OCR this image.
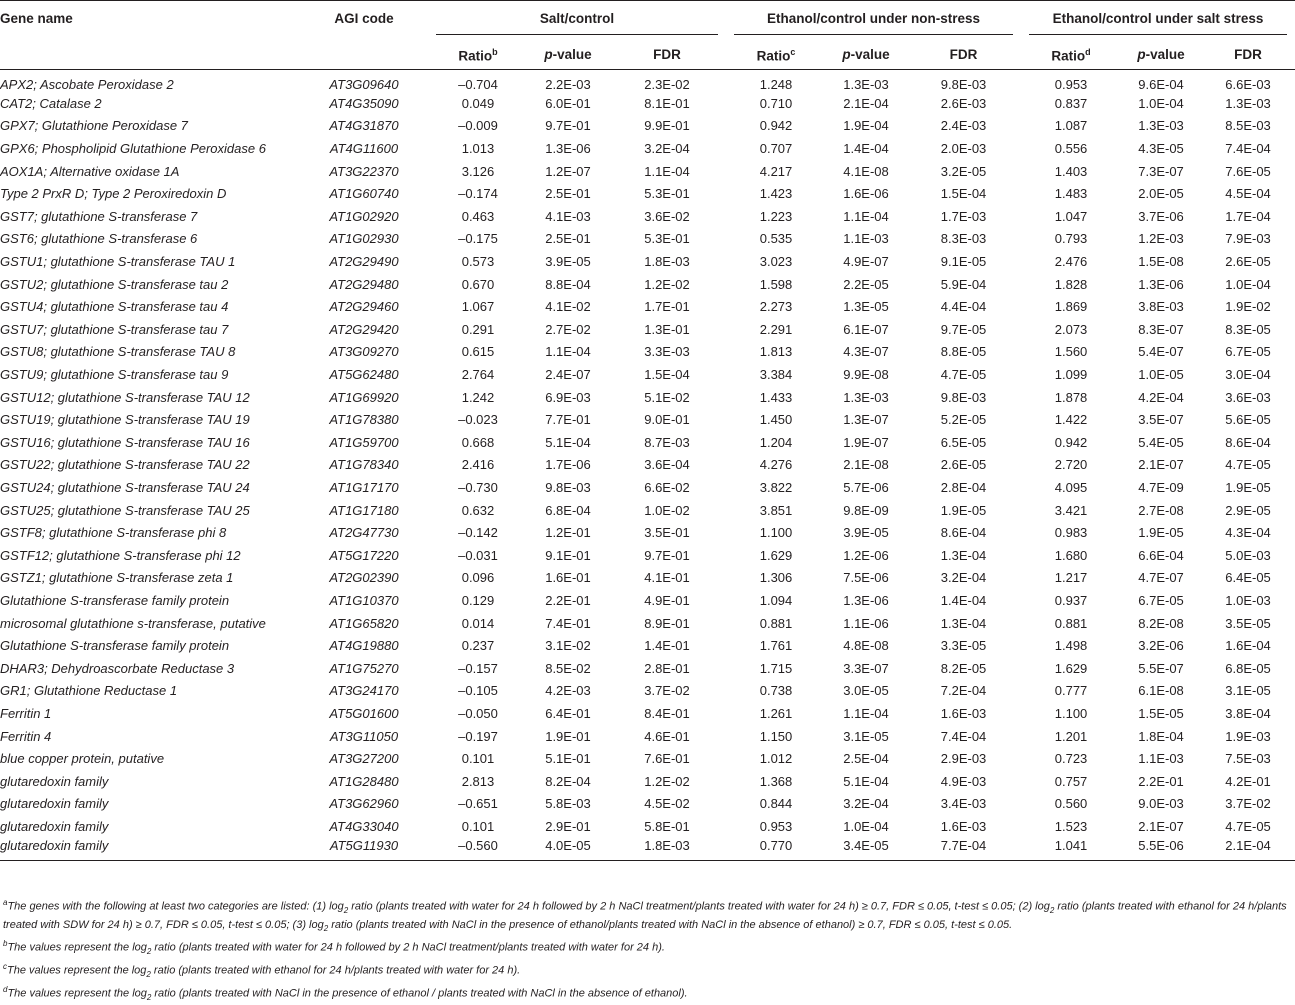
Gene name	AGI code	Salt/control			Ethanol/control under non-stress			Ethanol/control under salt stress		
		Ratio$^b$	p-value	FDR	Ratio$^c$	p-value	FDR	Ratio$^d$	p-value	FDR
APX2; Ascobate Peroxidase 2	AT3G09640	–0.704	2.2E-03	2.3E-02	1.248	1.3E-03	9.8E-03	0.953	9.6E-04	6.6E-03
CAT2; Catalase 2	AT4G35090	0.049	6.0E-01	8.1E-01	0.710	2.1E-04	2.6E-03	0.837	1.0E-04	1.3E-03
GPX7; Glutathione Peroxidase 7	AT4G31870	–0.009	9.7E-01	9.9E-01	0.942	1.9E-04	2.4E-03	1.087	1.3E-03	8.5E-03
GPX6; Phospholipid Glutathione Peroxidase 6	AT4G11600	1.013	1.3E-06	3.2E-04	0.707	1.4E-04	2.0E-03	0.556	4.3E-05	7.4E-04
AOX1A; Alternative oxidase 1A	AT3G22370	3.126	1.2E-07	1.1E-04	4.217	4.1E-08	3.2E-05	1.403	7.3E-07	7.6E-05
Type 2 PrxR D; Type 2 Peroxiredoxin D	AT1G60740	–0.174	2.5E-01	5.3E-01	1.423	1.6E-06	1.5E-04	1.483	2.0E-05	4.5E-04
GST7; glutathione S-transferase 7	AT1G02920	0.463	4.1E-03	3.6E-02	1.223	1.1E-04	1.7E-03	1.047	3.7E-06	1.7E-04
GST6; glutathione S-transferase 6	AT1G02930	–0.175	2.5E-01	5.3E-01	0.535	1.1E-03	8.3E-03	0.793	1.2E-03	7.9E-03
GSTU1; glutathione S-transferase TAU 1	AT2G29490	0.573	3.9E-05	1.8E-03	3.023	4.9E-07	9.1E-05	2.476	1.5E-08	2.6E-05
GSTU2; glutathione S-transferase tau 2	AT2G29480	0.670	8.8E-04	1.2E-02	1.598	2.2E-05	5.9E-04	1.828	1.3E-06	1.0E-04
GSTU4; glutathione S-transferase tau 4	AT2G29460	1.067	4.1E-02	1.7E-01	2.273	1.3E-05	4.4E-04	1.869	3.8E-03	1.9E-02
GSTU7; glutathione S-transferase tau 7	AT2G29420	0.291	2.7E-02	1.3E-01	2.291	6.1E-07	9.7E-05	2.073	8.3E-07	8.3E-05
GSTU8; glutathione S-transferase TAU 8	AT3G09270	0.615	1.1E-04	3.3E-03	1.813	4.3E-07	8.8E-05	1.560	5.4E-07	6.7E-05
GSTU9; glutathione S-transferase tau 9	AT5G62480	2.764	2.4E-07	1.5E-04	3.384	9.9E-08	4.7E-05	1.099	1.0E-05	3.0E-04
GSTU12; glutathione S-transferase TAU 12	AT1G69920	1.242	6.9E-03	5.1E-02	1.433	1.3E-03	9.8E-03	1.878	4.2E-04	3.6E-03
GSTU19; glutathione S-transferase TAU 19	AT1G78380	–0.023	7.7E-01	9.0E-01	1.450	1.3E-07	5.2E-05	1.422	3.5E-07	5.6E-05
GSTU16; glutathione S-transferase TAU 16	AT1G59700	0.668	5.1E-04	8.7E-03	1.204	1.9E-07	6.5E-05	0.942	5.4E-05	8.6E-04
GSTU22; glutathione S-transferase TAU 22	AT1G78340	2.416	1.7E-06	3.6E-04	4.276	2.1E-08	2.6E-05	2.720	2.1E-07	4.7E-05
GSTU24; glutathione S-transferase TAU 24	AT1G17170	–0.730	9.8E-03	6.6E-02	3.822	5.7E-06	2.8E-04	4.095	4.7E-09	1.9E-05
GSTU25; glutathione S-transferase TAU 25	AT1G17180	0.632	6.8E-04	1.0E-02	3.851	9.8E-09	1.9E-05	3.421	2.7E-08	2.9E-05
GSTF8; glutathione S-transferase phi 8	AT2G47730	–0.142	1.2E-01	3.5E-01	1.100	3.9E-05	8.6E-04	0.983	1.9E-05	4.3E-04
GSTF12; glutathione S-transferase phi 12	AT5G17220	–0.031	9.1E-01	9.7E-01	1.629	1.2E-06	1.3E-04	1.680	6.6E-04	5.0E-03
GSTZ1; glutathione S-transferase zeta 1	AT2G02390	0.096	1.6E-01	4.1E-01	1.306	7.5E-06	3.2E-04	1.217	4.7E-07	6.4E-05
Glutathione S-transferase family protein	AT1G10370	0.129	2.2E-01	4.9E-01	1.094	1.3E-06	1.4E-04	0.937	6.7E-05	1.0E-03
microsomal glutathione s-transferase, putative	AT1G65820	0.014	7.4E-01	8.9E-01	0.881	1.1E-06	1.3E-04	0.881	8.2E-08	3.5E-05
Glutathione S-transferase family protein	AT4G19880	0.237	3.1E-02	1.4E-01	1.761	4.8E-08	3.3E-05	1.498	3.2E-06	1.6E-04
DHAR3; Dehydroascorbate Reductase 3	AT1G75270	–0.157	8.5E-02	2.8E-01	1.715	3.3E-07	8.2E-05	1.629	5.5E-07	6.8E-05
GR1; Glutathione Reductase 1	AT3G24170	–0.105	4.2E-03	3.7E-02	0.738	3.0E-05	7.2E-04	0.777	6.1E-08	3.1E-05
Ferritin 1	AT5G01600	–0.050	6.4E-01	8.4E-01	1.261	1.1E-04	1.6E-03	1.100	1.5E-05	3.8E-04
Ferritin 4	AT3G11050	–0.197	1.9E-01	4.6E-01	1.150	3.1E-05	7.4E-04	1.201	1.8E-04	1.9E-03
blue copper protein, putative	AT3G27200	0.101	5.1E-01	7.6E-01	1.012	2.5E-04	2.9E-03	0.723	1.1E-03	7.5E-03
glutaredoxin family	AT1G28480	2.813	8.2E-04	1.2E-02	1.368	5.1E-04	4.9E-03	0.757	2.2E-01	4.2E-01
glutaredoxin family	AT3G62960	–0.651	5.8E-03	4.5E-02	0.844	3.2E-04	3.4E-03	0.560	9.0E-03	3.7E-02
glutaredoxin family	AT4G33040	0.101	2.9E-01	5.8E-01	0.953	1.0E-04	1.6E-03	1.523	2.1E-07	4.7E-05
glutaredoxin family	AT5G11930	–0.560	4.0E-05	1.8E-03	0.770	3.4E-05	7.7E-04	1.041	5.5E-06	2.1E-04

$^a$The genes with the following at least two categories are listed: (1) $\log_2$ ratio (plants treated with water for 24 h followed by 2 h NaCl treatment/plants treated with water for 24 h) ≥ 0.7, FDR ≤ 0.05, t-test ≤ 0.05; (2) $\log_2$ ratio (plants treated with ethanol for 24 h/plants treated with SDW for 24 h) ≥ 0.7, FDR ≤ 0.05, t-test ≤ 0.05; (3) $\log_2$ ratio (plants treated with NaCl in the presence of ethanol/plants treated with NaCl in the absence of ethanol) ≥ 0.7, FDR ≤ 0.05, t-test ≤ 0.05.

$^b$The values represent the $\log_2$ ratio (plants treated with water for 24 h followed by 2 h NaCl treatment/plants treated with water for 24 h).

$^c$The values represent the $\log_2$ ratio (plants treated with ethanol for 24 h/plants treated with water for 24 h).

$^d$The values represent the $\log_2$ ratio (plants treated with NaCl in the presence of ethanol / plants treated with NaCl in the absence of ethanol).
